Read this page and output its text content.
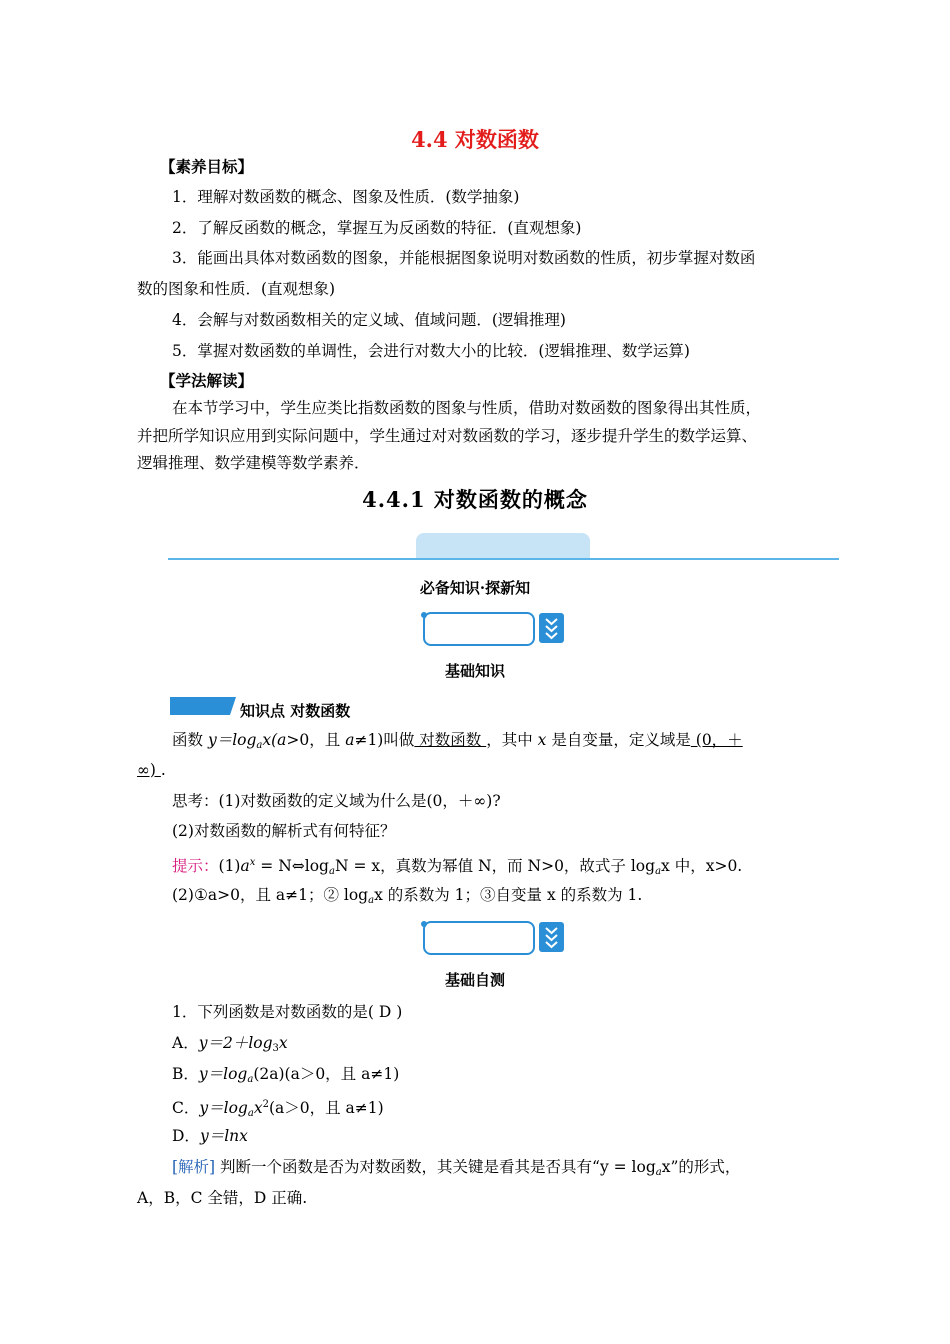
4.4 对数函数
【素养目标】
1．理解对数函数的概念、图象及性质．(数学抽象)
2．了解反函数的概念，掌握互为反函数的特征．(直观想象)
3．能画出具体对数函数的图象，并能根据图象说明对数函数的性质，初步掌握对数函
数的图象和性质．(直观想象)
4．会解与对数函数相关的定义域、值域问题．(逻辑推理)
5．掌握对数函数的单调性，会进行对数大小的比较．(逻辑推理、数学运算)
【学法解读】
在本节学习中，学生应类比指数函数的图象与性质，借助对数函数的图象得出其性质，
并把所学知识应用到实际问题中，学生通过对对数函数的学习，逐步提升学生的数学运算、
逻辑推理、数学建模等数学素养．
4.4.1 对数函数的概念
必备知识·探新知
基础知识
知识点 对数函数
函数 $y=\log_ax(a>0$，且 a≠1)叫做 对数函数 ，其中 x 是自变量，定义域是 (0，＋
∞) .
思考：(1)对数函数的定义域为什么是(0，＋∞)?
(2)对数函数的解析式有何特征？
提示：$(1)a^x$ = $N\Leftrightarrow\log_aN = x$，真数为幂值 N，而 N>0，故式子 $\log_ax$ 中，x>0.
(2)①a>0，且 a≠1；② $\log_ax$ 的系数为 1；③自变量 x 的系数为 1.
基础自测
1．下列函数是对数函数的是( D )
A．$y=2+\log_3x$
B．$y=\log_a(2a)(a>0$，且 a≠1)
C．$y=\log_ax^2(a>0$，且 a≠1)
D．y＝lnx
[解析] 判断一个函数是否为对数函数，其关键是看其是否具有“$y = \log_ax$”的形式，
A，B，C 全错，D 正确.
